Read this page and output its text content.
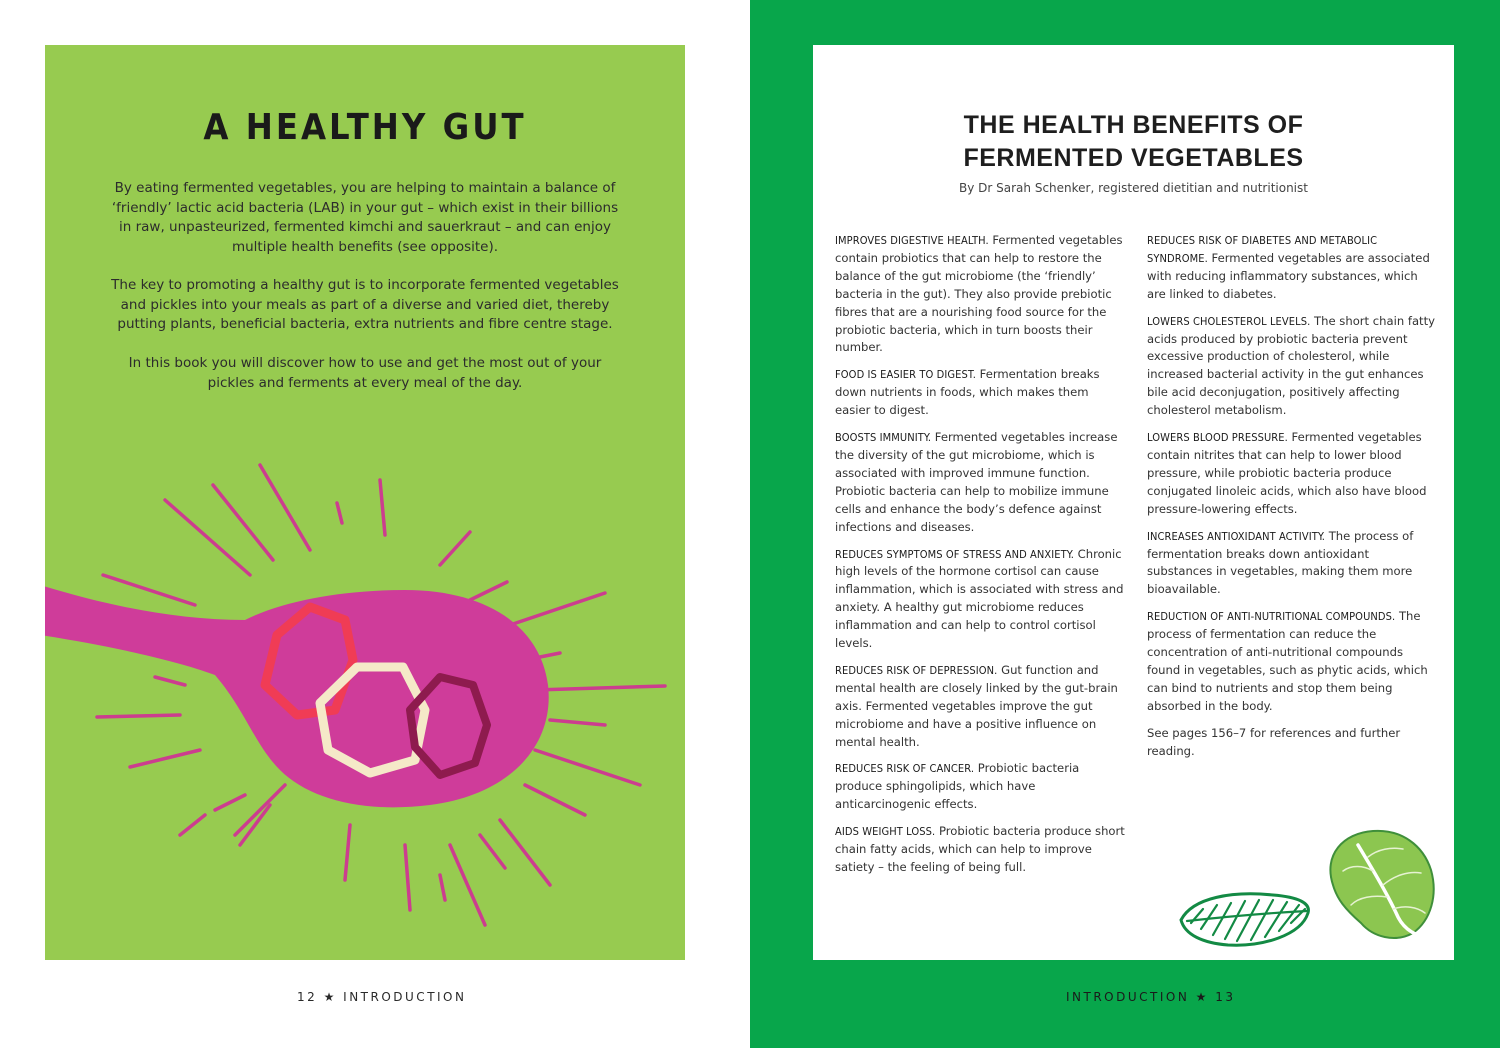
A HEALTHY GUT

By eating fermented vegetables, you are helping to maintain a balance of ‘friendly’ lactic acid bacteria (LAB) in your gut – which exist in their billions in raw, unpasteurized, fermented kimchi and sauerkraut – and can enjoy multiple health benefits (see opposite).

The key to promoting a healthy gut is to incorporate fermented vegetables and pickles into your meals as part of a diverse and varied diet, thereby putting plants, beneficial bacteria, extra nutrients and fibre centre stage.

In this book you will discover how to use and get the most out of your pickles and ferments at every meal of the day.

12 ★ INTRODUCTION
THE HEALTH BENEFITS OF
FERMENTED VEGETABLES

By Dr Sarah Schenker, registered dietitian and nutritionist

IMPROVES DIGESTIVE HEALTH. Fermented vegetables contain probiotics that can help to restore the balance of the gut microbiome (the ‘friendly’ bacteria in the gut). They also provide prebiotic fibres that are a nourishing food source for the probiotic bacteria, which in turn boosts their number.

FOOD IS EASIER TO DIGEST. Fermentation breaks down nutrients in foods, which makes them easier to digest.

BOOSTS IMMUNITY. Fermented vegetables increase the diversity of the gut microbiome, which is associated with improved immune function. Probiotic bacteria can help to mobilize immune cells and enhance the body’s defence against infections and diseases.

REDUCES SYMPTOMS OF STRESS AND ANXIETY. Chronic high levels of the hormone cortisol can cause inflammation, which is associated with stress and anxiety. A healthy gut microbiome reduces inflammation and can help to control cortisol levels.

REDUCES RISK OF DEPRESSION. Gut function and mental health are closely linked by the gut-brain axis. Fermented vegetables improve the gut microbiome and have a positive influence on mental health.

REDUCES RISK OF CANCER. Probiotic bacteria produce sphingolipids, which have anticarcinogenic effects.

AIDS WEIGHT LOSS. Probiotic bacteria produce short chain fatty acids, which can help to improve satiety – the feeling of being full.

REDUCES RISK OF DIABETES AND METABOLIC SYNDROME. Fermented vegetables are associated with reducing inflammatory substances, which are linked to diabetes.

LOWERS CHOLESTEROL LEVELS. The short chain fatty acids produced by probiotic bacteria prevent excessive production of cholesterol, while increased bacterial activity in the gut enhances bile acid deconjugation, positively affecting cholesterol metabolism.

LOWERS BLOOD PRESSURE. Fermented vegetables contain nitrites that can help to lower blood pressure, while probiotic bacteria produce conjugated linoleic acids, which also have blood pressure-lowering effects.

INCREASES ANTIOXIDANT ACTIVITY. The process of fermentation breaks down antioxidant substances in vegetables, making them more bioavailable.

REDUCTION OF ANTI-NUTRITIONAL COMPOUNDS. The process of fermentation can reduce the concentration of anti-nutritional compounds found in vegetables, such as phytic acids, which can bind to nutrients and stop them being absorbed in the body.

See pages 156–7 for references and further reading.

INTRODUCTION ★ 13
